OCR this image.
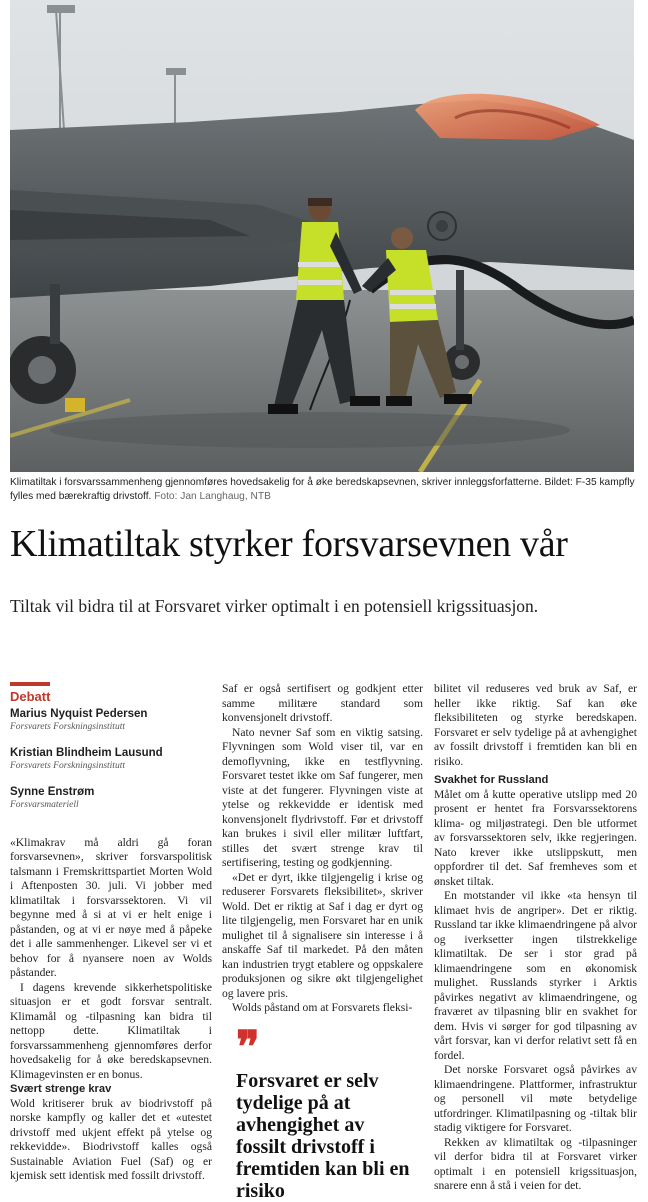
Klimatiltak i forsvarssammenheng gjennomføres hovedsakelig for å øke beredskapsevnen, skriver innleggsforfatterne. Bildet: F-35 kampfly fylles med bærekraftig drivstoff. Foto: Jan Langhaug, NTB
Klimatiltak styrker forsvarsevnen vår

Tiltak vil bidra til at Forsvaret virker optimalt i en potensiell krigssituasjon.

Debatt
Marius Nyquist Pedersen
Forsvarets Forskningsinstitutt
Kristian Blindheim Lausund
Forsvarets Forskningsinstitutt
Synne Enstrøm
Forsvarsmateriell

«Klimakrav må aldri gå foran forsvarsevnen», skriver forsvarspolitisk talsmann i Fremskrittspartiet Morten Wold i Aftenposten 30. juli. Vi jobber med klimatiltak i forsvarssektoren. Vi vil begynne med å si at vi er helt enige i påstanden, og at vi er nøye med å påpeke det i alle sammenhenger. Likevel ser vi et behov for å nyansere noen av Wolds påstander.

I dagens krevende sikkerhetspolitiske situasjon er et godt forsvar sentralt. Klimamål og -tilpasning kan bidra til nettopp dette. Klimatiltak i forsvarssammenheng gjennomføres derfor hovedsakelig for å øke beredskapsevnen. Klimagevinsten er en bonus.

Svært strenge krav

Wold kritiserer bruk av biodrivstoff på norske kampfly og kaller det et «utestet drivstoff med ukjent effekt på ytelse og rekkevidde». Biodrivstoff kalles også Sustainable Aviation Fuel (Saf) og er kjemisk sett identisk med fossilt drivstoff.

Saf er også sertifisert og godkjent etter samme militære standard som konvensjonelt drivstoff.

Nato nevner Saf som en viktig satsing. Flyvningen som Wold viser til, var en demoflyvning, ikke en testflyvning. Forsvaret testet ikke om Saf fungerer, men viste at det fungerer. Flyvningen viste at ytelse og rekkevidde er identisk med konvensjonelt flydrivstoff. Før et drivstoff kan brukes i sivil eller militær luftfart, stilles det svært strenge krav til sertifisering, testing og godkjenning.

«Det er dyrt, ikke tilgjengelig i krise og reduserer Forsvarets fleksibilitet», skriver Wold. Det er riktig at Saf i dag er dyrt og lite tilgjengelig, men Forsvaret har en unik mulighet til å signalisere sin interesse i å anskaffe Saf til markedet. På den måten kan industrien trygt etablere og oppskalere produksjonen og sikre økt tilgjengelighet og lavere pris.

Wolds påstand om at Forsvarets fleksi-

❞
Forsvaret er selv tydelige på at avhengighet av fossilt drivstoff i fremtiden kan bli en risiko

bilitet vil reduseres ved bruk av Saf, er heller ikke riktig. Saf kan øke fleksibiliteten og styrke beredskapen. Forsvaret er selv tydelige på at avhengighet av fossilt drivstoff i fremtiden kan bli en risiko.

Svakhet for Russland

Målet om å kutte operative utslipp med 20 prosent er hentet fra Forsvarssektorens klima- og miljøstrategi. Den ble utformet av forsvarssektoren selv, ikke regjeringen. Nato krever ikke utslippskutt, men oppfordrer til det. Saf fremheves som et ønsket tiltak.

En motstander vil ikke «ta hensyn til klimaet hvis de angriper». Det er riktig. Russland tar ikke klimaendringene på alvor og iverksetter ingen tilstrekkelige klimatiltak. De ser i stor grad på klimaendringene som en økonomisk mulighet. Russlands styrker i Arktis påvirkes negativt av klimaendringene, og fraværet av tilpasning blir en svakhet for dem. Hvis vi sørger for god tilpasning av vårt forsvar, kan vi derfor relativt sett få en fordel.

Det norske Forsvaret også påvirkes av klimaendringene. Plattformer, infrastruktur og personell vil møte betydelige utfordringer. Klimatilpasning og -tiltak blir stadig viktigere for Forsvaret.

Rekken av klimatiltak og -tilpasninger vil derfor bidra til at Forsvaret virker optimalt i en potensiell krigssituasjon, snarere enn å stå i veien for det.
